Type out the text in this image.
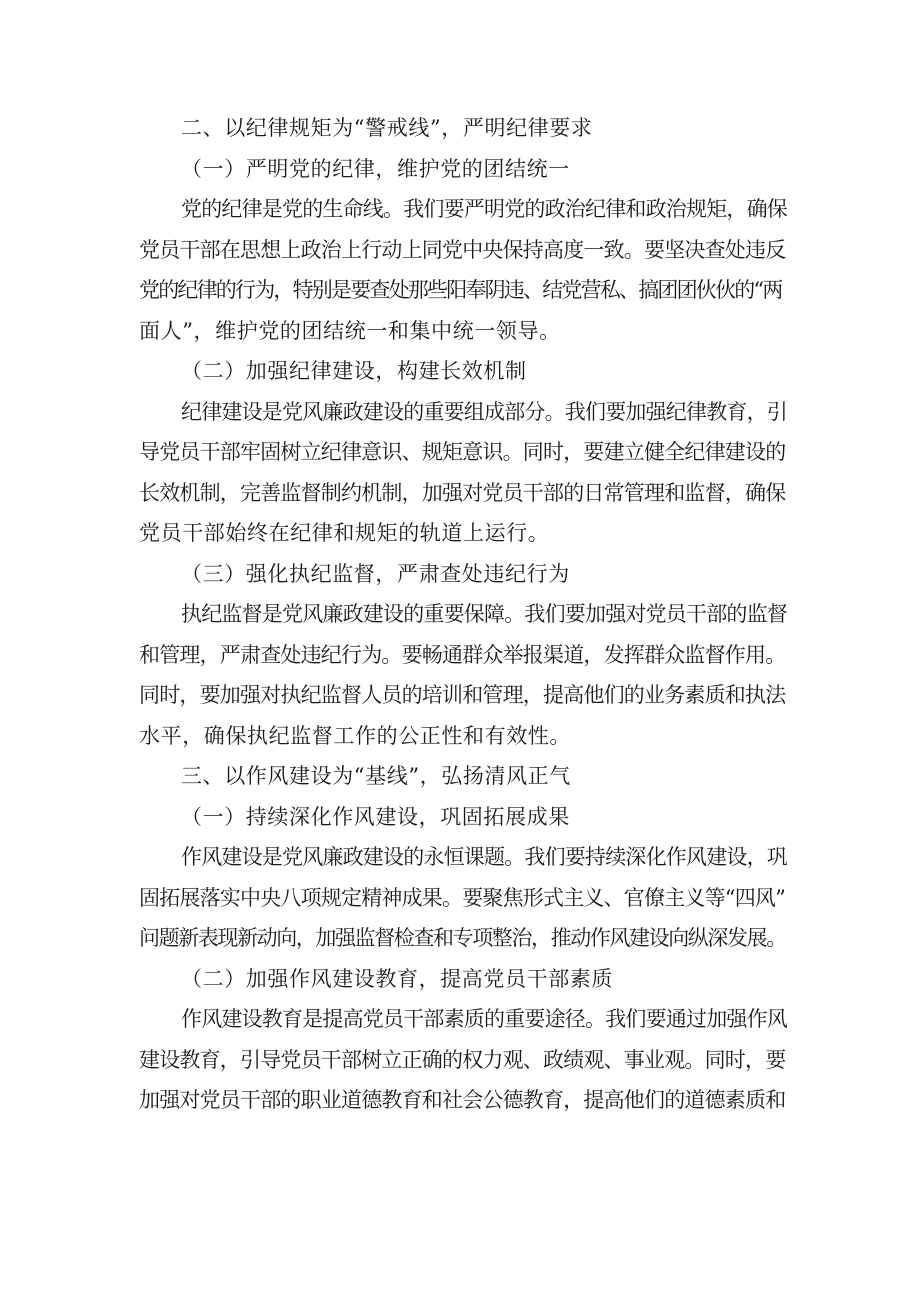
二、以纪律规矩为“警戒线”，严明纪律要求

（一）严明党的纪律，维护党的团结统一

党的纪律是党的生命线。我们要严明党的政治纪律和政治规矩，确保

党员干部在思想上政治上行动上同党中央保持高度一致。要坚决查处违反

党的纪律的行为，特别是要查处那些阳奉阴违、结党营私、搞团团伙伙的“两

面人”，维护党的团结统一和集中统一领导。

（二）加强纪律建设，构建长效机制

纪律建设是党风廉政建设的重要组成部分。我们要加强纪律教育，引

导党员干部牢固树立纪律意识、规矩意识。同时，要建立健全纪律建设的

长效机制，完善监督制约机制，加强对党员干部的日常管理和监督，确保

党员干部始终在纪律和规矩的轨道上运行。

（三）强化执纪监督，严肃查处违纪行为

执纪监督是党风廉政建设的重要保障。我们要加强对党员干部的监督

和管理，严肃查处违纪行为。要畅通群众举报渠道，发挥群众监督作用。

同时，要加强对执纪监督人员的培训和管理，提高他们的业务素质和执法

水平，确保执纪监督工作的公正性和有效性。

三、以作风建设为“基线”，弘扬清风正气

（一）持续深化作风建设，巩固拓展成果

作风建设是党风廉政建设的永恒课题。我们要持续深化作风建设，巩

固拓展落实中央八项规定精神成果。要聚焦形式主义、官僚主义等“四风”

问题新表现新动向，加强监督检查和专项整治，推动作风建设向纵深发展。

（二）加强作风建设教育，提高党员干部素质

作风建设教育是提高党员干部素质的重要途径。我们要通过加强作风

建设教育，引导党员干部树立正确的权力观、政绩观、事业观。同时，要

加强对党员干部的职业道德教育和社会公德教育，提高他们的道德素质和
